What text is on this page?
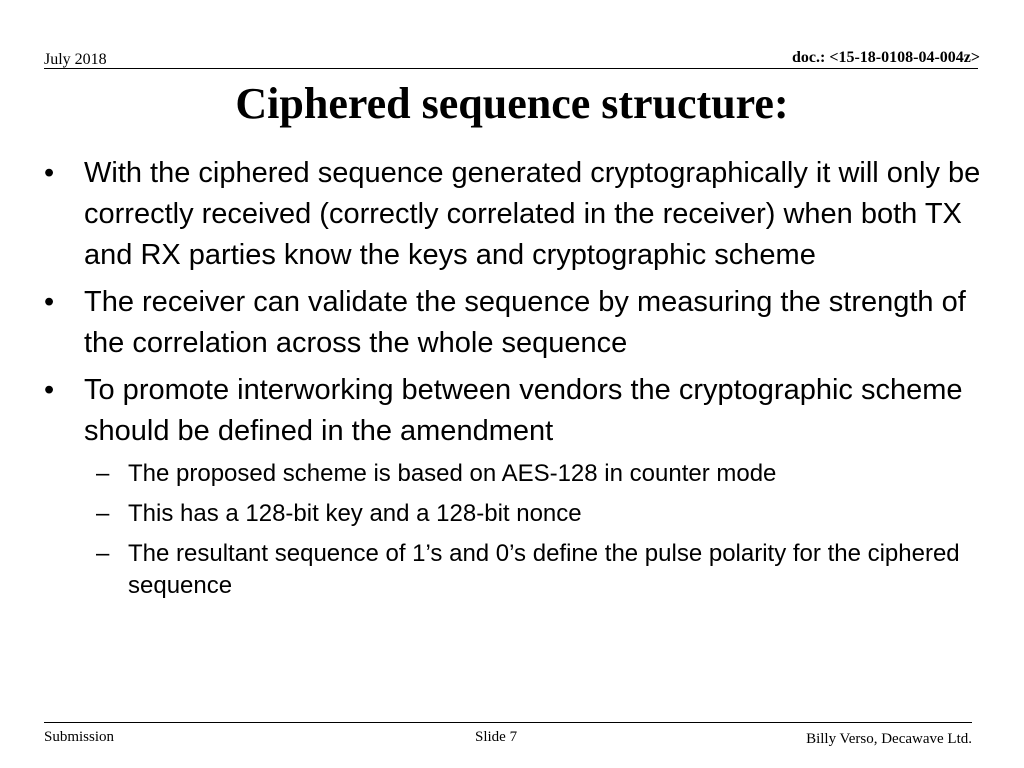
July 2018	doc.: <15-18-0108-04-004z>
Ciphered sequence structure:
• With the ciphered sequence generated cryptographically it will only be correctly received (correctly correlated in the receiver) when both TX and RX parties know the keys and cryptographic scheme
• The receiver can validate the sequence by measuring the strength of the correlation across the whole sequence
• To promote interworking between vendors the cryptographic scheme should be defined in the amendment
– The proposed scheme is based on AES-128 in counter mode
– This has a 128-bit key and a 128-bit nonce
– The resultant sequence of 1’s and 0’s define the pulse polarity for the ciphered sequence
Submission	Slide 7	Billy Verso, Decawave Ltd.
